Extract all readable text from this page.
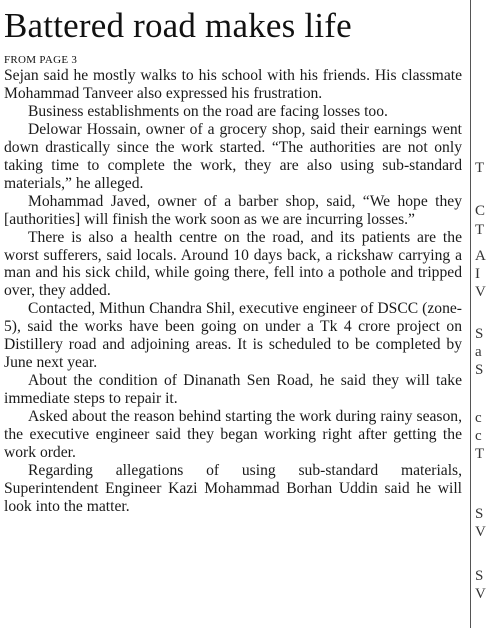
Battered road makes life
FROM PAGE 3

Sejan said he mostly walks to his school with his friends. His classmate Mohammad Tanveer also expressed his frustration.

Business establishments on the road are facing losses too.

Delowar Hossain, owner of a grocery shop, said their earnings went down drastically since the work started. “The authorities are not only taking time to complete the work, they are also using sub-standard materials,” he alleged.

Mohammad Javed, owner of a barber shop, said, “We hope they [authorities] will finish the work soon as we are incurring losses.”

There is also a health centre on the road, and its patients are the worst sufferers, said locals. Around 10 days back, a rickshaw carrying a man and his sick child, while going there, fell into a pothole and tripped over, they added.

Contacted, Mithun Chandra Shil, executive engineer of DSCC (zone-5), said the works have been going on under a Tk 4 crore project on Distillery road and adjoining areas. It is scheduled to be completed by June next year.

About the condition of Dinanath Sen Road, he said they will take immediate steps to repair it.

Asked about the reason behind starting the work during rainy season, the executive engineer said they began working right after getting the work order.

Regarding allegations of using sub-standard materials, Superintendent Engineer Kazi Mohammad Borhan Uddin said he will look into the matter.

T
C
T
A
I
V
S
a
S
c
c
T
S
V
S
V
